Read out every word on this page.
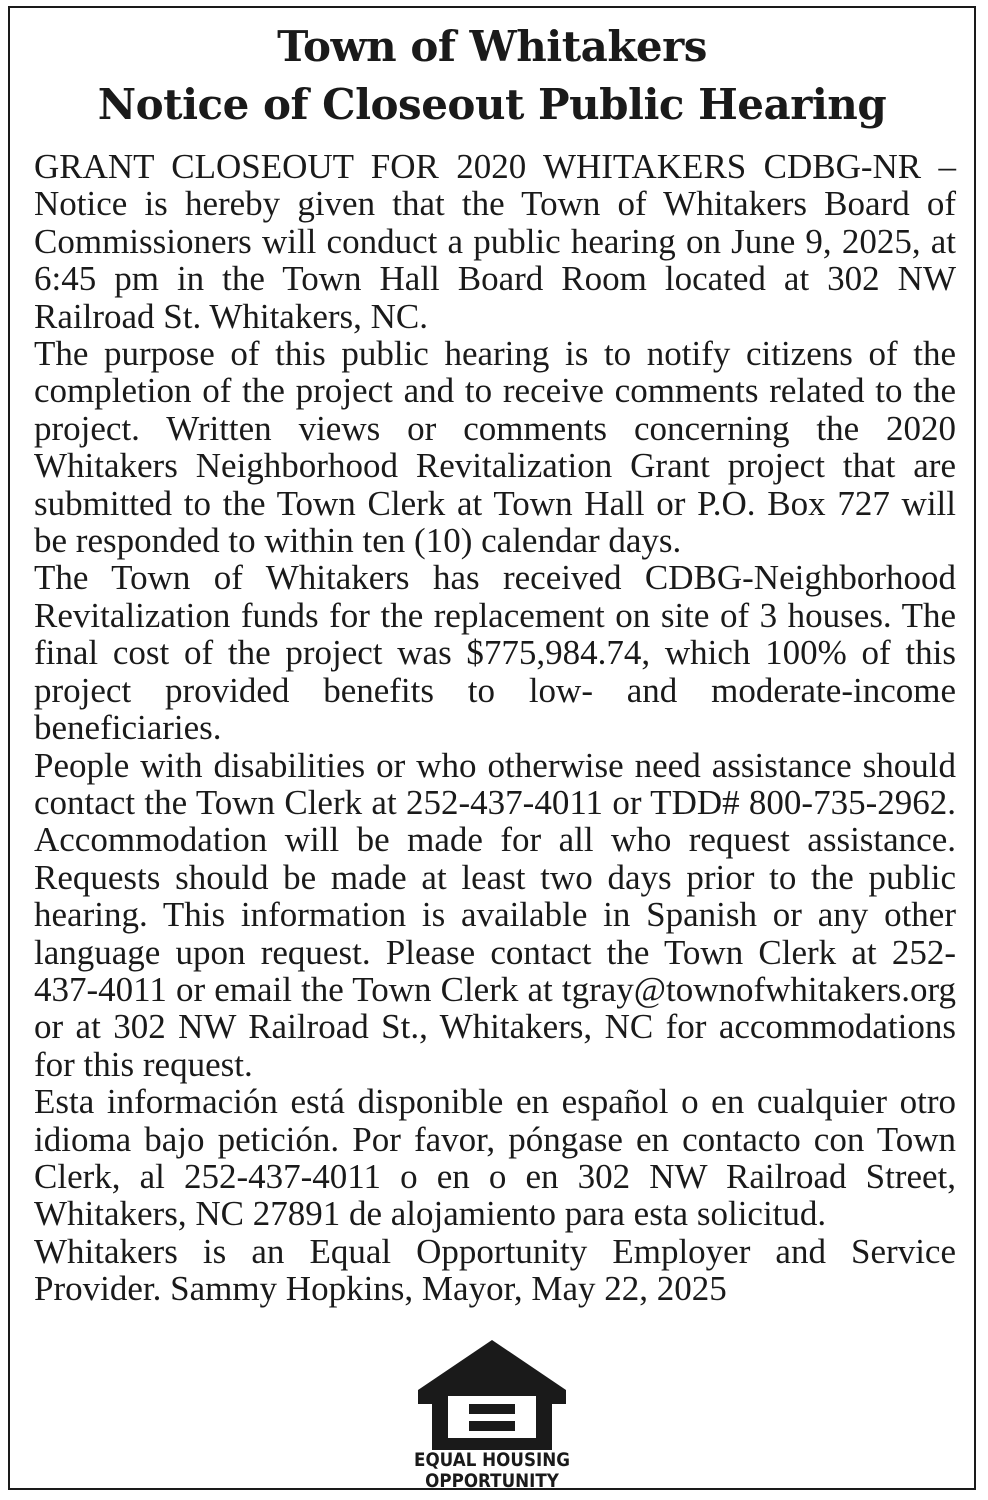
Town of Whitakers
Notice of Closeout Public Hearing

GRANT CLOSEOUT FOR 2020 WHITAKERS CDBG-NR – Notice is hereby given that the Town of Whitakers Board of Commissioners will conduct a public hearing on June 9, 2025, at 6:45 pm in the Town Hall Board Room located at 302 NW Railroad St. Whitakers, NC.

The purpose of this public hearing is to notify citizens of the completion of the project and to receive comments related to the project. Written views or comments concerning the 2020 Whitakers Neighborhood Revitalization Grant project that are submitted to the Town Clerk at Town Hall or P.O. Box 727 will be responded to within ten (10) calendar days.

The Town of Whitakers has received CDBG-Neighborhood Revitalization funds for the replacement on site of 3 houses. The final cost of the project was $775,984.74, which 100% of this project provided benefits to low- and moderate-income beneficiaries.

People with disabilities or who otherwise need assistance should contact the Town Clerk at 252-437-4011 or TDD# 800-735-2962. Accommodation will be made for all who request assistance. Requests should be made at least two days prior to the public hearing. This information is available in Spanish or any other language upon request. Please contact the Town Clerk at 252-437-4011 or email the Town Clerk at tgray@townofwhitakers.org or at 302 NW Railroad St., Whitakers, NC for accommodations for this request.

Esta información está disponible en español o en cualquier otro idioma bajo petición. Por favor, póngase en contacto con Town Clerk, al 252-437-4011 o en o en 302 NW Railroad Street, Whitakers, NC 27891 de alojamiento para esta solicitud.

Whitakers is an Equal Opportunity Employer and Service Provider. Sammy Hopkins, Mayor, May 22, 2025

EQUAL HOUSING
OPPORTUNITY
